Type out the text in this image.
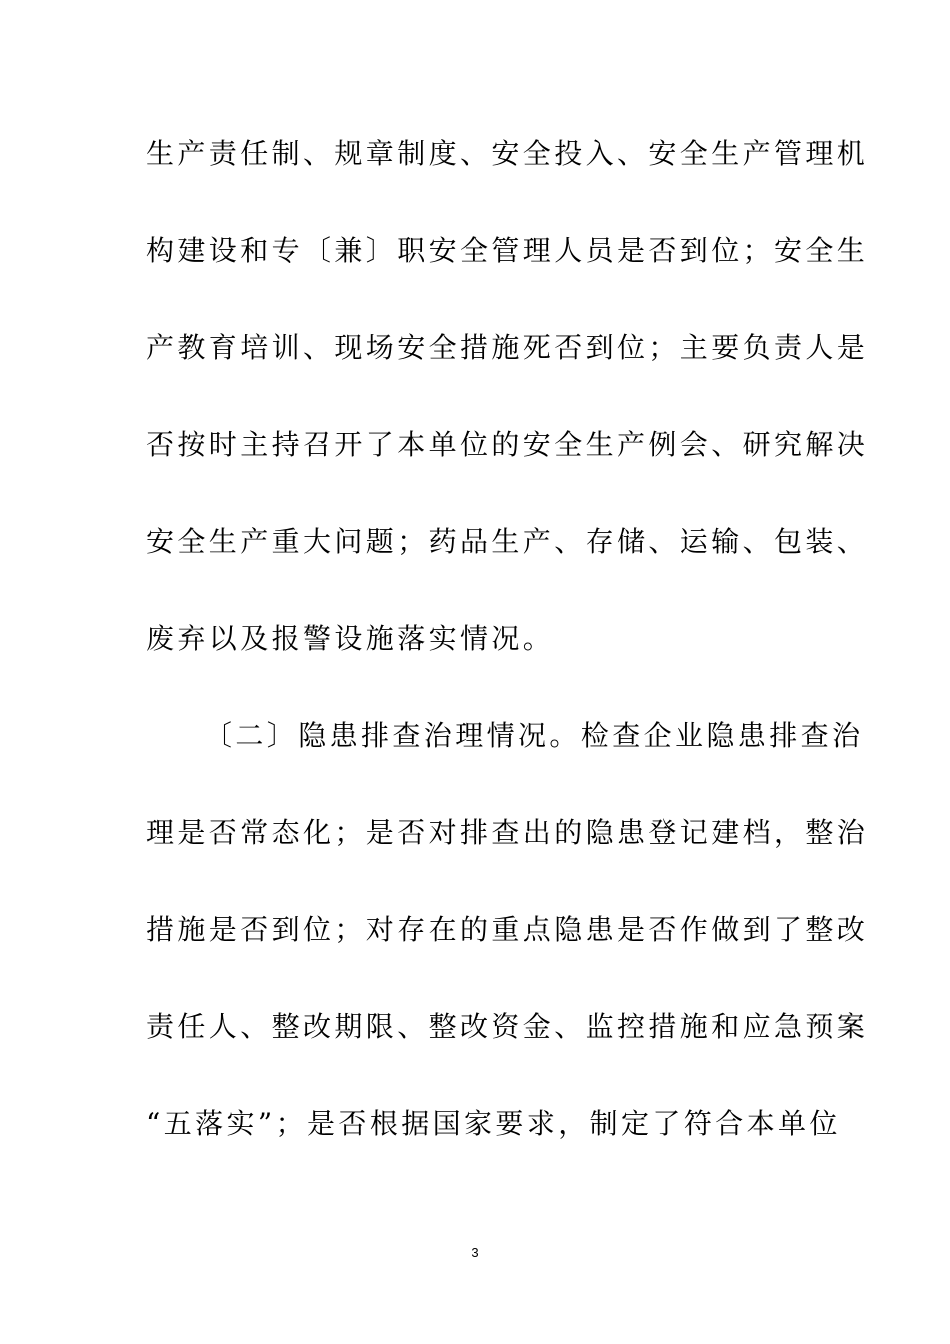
生产责任制、规章制度、安全投入、安全生产管理机
构建设和专〔兼〕职安全管理人员是否到位；安全生
产教育培训、现场安全措施死否到位；主要负责人是
否按时主持召开了本单位的安全生产例会、研究解决
安全生产重大问题；药品生产、存储、运输、包装、
废弃以及报警设施落实情况。
〔二〕隐患排查治理情况。检查企业隐患排查治
理是否常态化；是否对排查出的隐患登记建档，整治
措施是否到位；对存在的重点隐患是否作做到了整改
责任人、整改期限、整改资金、监控措施和应急预案
“五落实”；是否根据国家要求，制定了符合本单位
3
